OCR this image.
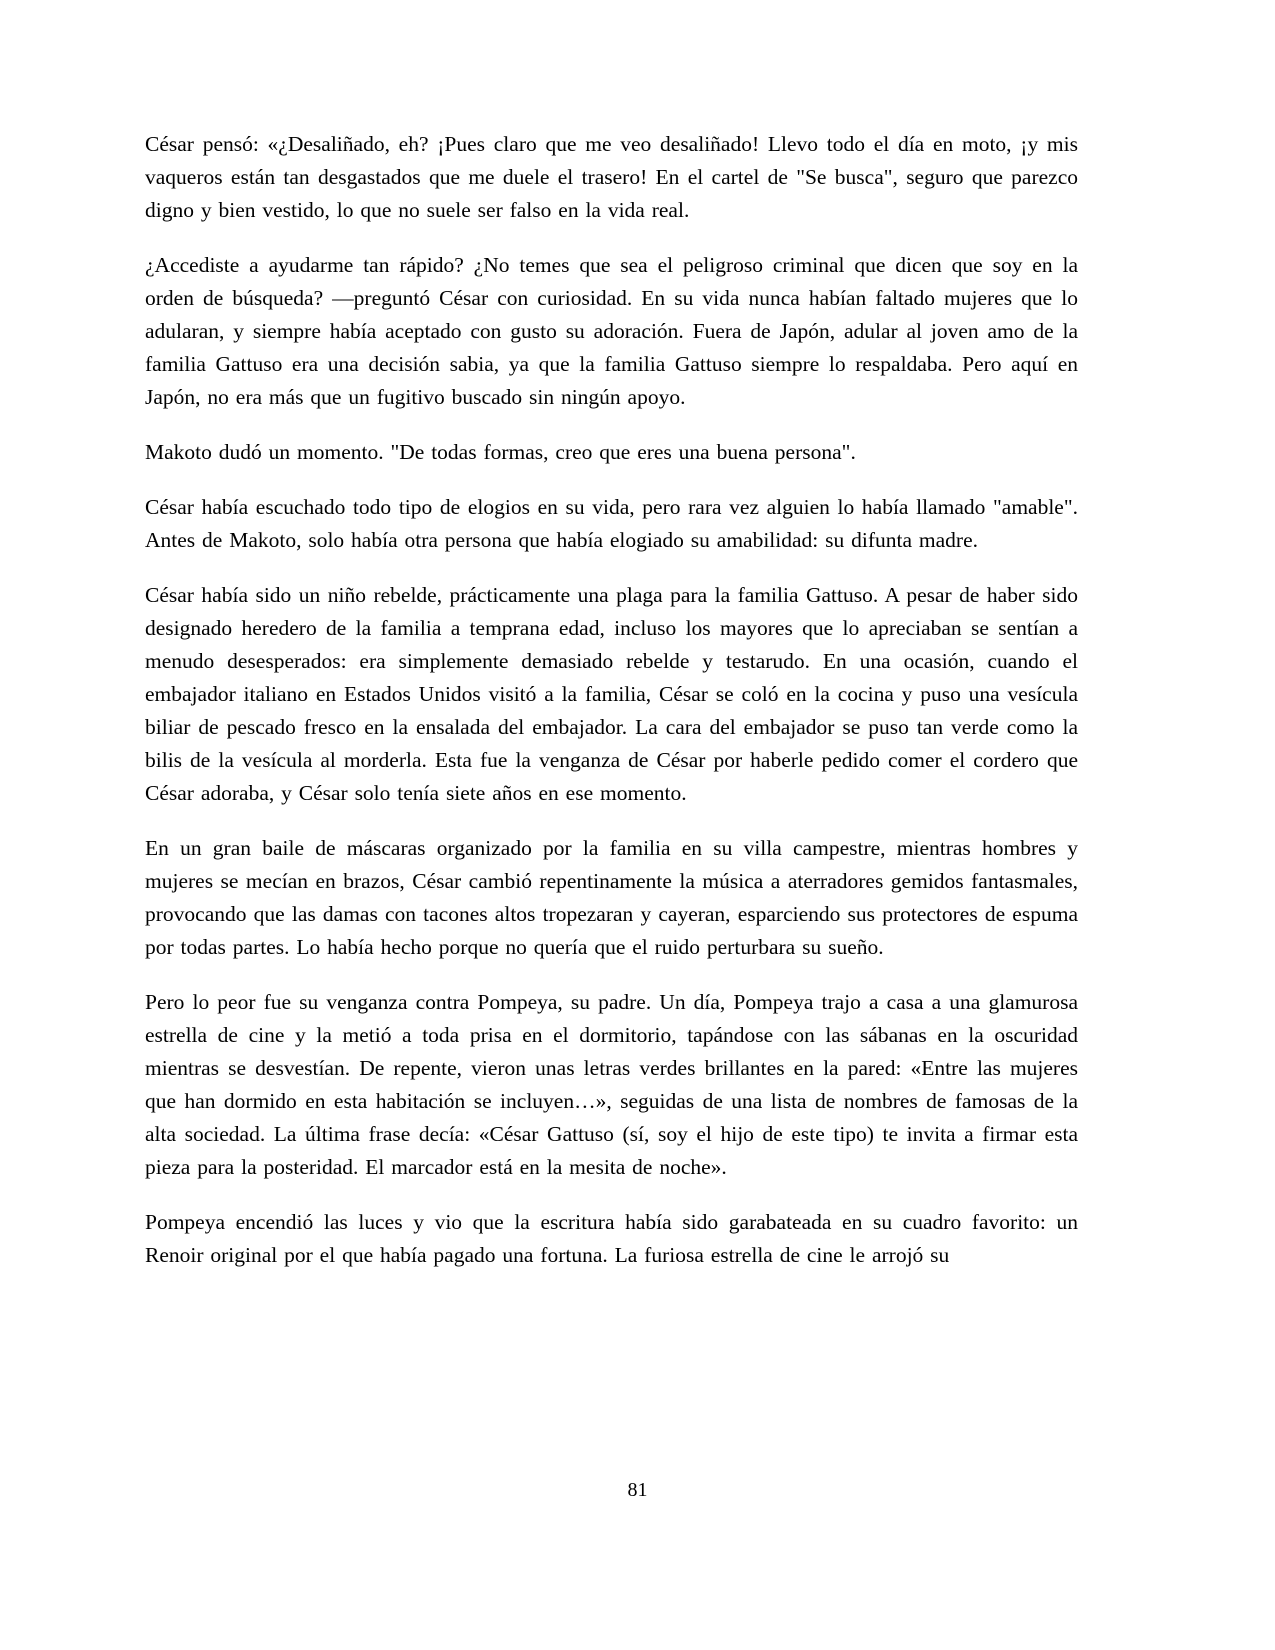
César pensó: «¿Desaliñado, eh? ¡Pues claro que me veo desaliñado! Llevo todo el día en moto, ¡y mis vaqueros están tan desgastados que me duele el trasero! En el cartel de "Se busca", seguro que parezco digno y bien vestido, lo que no suele ser falso en la vida real.

¿Accediste a ayudarme tan rápido? ¿No temes que sea el peligroso criminal que dicen que soy en la orden de búsqueda? —preguntó César con curiosidad. En su vida nunca habían faltado mujeres que lo adularan, y siempre había aceptado con gusto su adoración. Fuera de Japón, adular al joven amo de la familia Gattuso era una decisión sabia, ya que la familia Gattuso siempre lo respaldaba. Pero aquí en Japón, no era más que un fugitivo buscado sin ningún apoyo.

Makoto dudó un momento. "De todas formas, creo que eres una buena persona".

César había escuchado todo tipo de elogios en su vida, pero rara vez alguien lo había llamado "amable". Antes de Makoto, solo había otra persona que había elogiado su amabilidad: su difunta madre.

César había sido un niño rebelde, prácticamente una plaga para la familia Gattuso. A pesar de haber sido designado heredero de la familia a temprana edad, incluso los mayores que lo apreciaban se sentían a menudo desesperados: era simplemente demasiado rebelde y testarudo. En una ocasión, cuando el embajador italiano en Estados Unidos visitó a la familia, César se coló en la cocina y puso una vesícula biliar de pescado fresco en la ensalada del embajador. La cara del embajador se puso tan verde como la bilis de la vesícula al morderla. Esta fue la venganza de César por haberle pedido comer el cordero que César adoraba, y César solo tenía siete años en ese momento.

En un gran baile de máscaras organizado por la familia en su villa campestre, mientras hombres y mujeres se mecían en brazos, César cambió repentinamente la música a aterradores gemidos fantasmales, provocando que las damas con tacones altos tropezaran y cayeran, esparciendo sus protectores de espuma por todas partes. Lo había hecho porque no quería que el ruido perturbara su sueño.

Pero lo peor fue su venganza contra Pompeya, su padre. Un día, Pompeya trajo a casa a una glamurosa estrella de cine y la metió a toda prisa en el dormitorio, tapándose con las sábanas en la oscuridad mientras se desvestían. De repente, vieron unas letras verdes brillantes en la pared: «Entre las mujeres que han dormido en esta habitación se incluyen…», seguidas de una lista de nombres de famosas de la alta sociedad. La última frase decía: «César Gattuso (sí, soy el hijo de este tipo) te invita a firmar esta pieza para la posteridad. El marcador está en la mesita de noche».

Pompeya encendió las luces y vio que la escritura había sido garabateada en su cuadro favorito: un Renoir original por el que había pagado una fortuna. La furiosa estrella de cine le arrojó su

81
